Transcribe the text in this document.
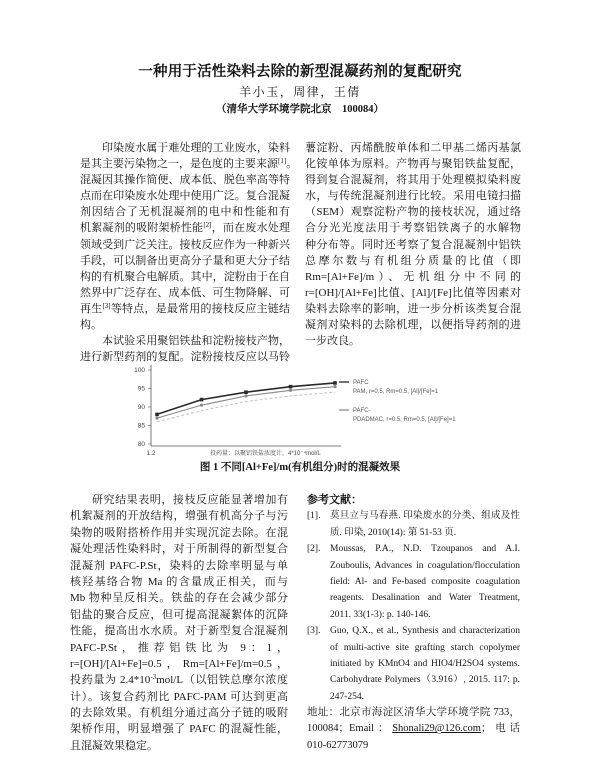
一种用于活性染料去除的新型混凝药剂的复配研究
羊小玉，周律，王倩
（清华大学环境学院北京　100084）
印染废水属于难处理的工业废水，染料
是其主要污染物之一，是色度的主要来源[1]。
混凝因其操作简便、成本低、脱色率高等特
点而在印染废水处理中使用广泛。复合混凝
剂因结合了无机混凝剂的电中和性能和有
机絮凝剂的吸附架桥性能[2]，而在废水处理
领域受到广泛关注。接枝反应作为一种新兴
手段，可以制备出更高分子量和更大分子结
构的有机聚合电解质。其中，淀粉由于在自
然界中广泛存在、成本低、可生物降解、可
再生[3]等特点，是最常用的接枝反应主链结
构。
本试验采用聚铝铁盐和淀粉接枝产物，
进行新型药剂的复配。淀粉接枝反应以马铃
薯淀粉、丙烯酰胺单体和二甲基二烯丙基氯
化铵单体为原料。产物再与聚铝铁盐复配，
得到复合混凝剂，将其用于处理模拟染料废
水，与传统混凝剂进行比较。采用电镜扫描
（SEM）观察淀粉产物的接枝状况，通过络
合分光光度法用于考察铝铁离子的水解物
种分布等。同时还考察了复合混凝剂中铝铁
总摩尔数与有机组分质量的比值（即
Rm=[Al+Fe]/m）、无机组分中不同的
r=[OH]/[Al+Fe]比值、[Al]/[Fe]比值等因素对
染料去除率的影响，进一步分析该类复合混
凝剂对染料的去除机理，以便指导药剂的进
一步改良。
100
95
90
85
80
1.2	投药量：以聚铝铁盐浓度计，4*10⁻⁴mol/L
PAFC
PAM, r=0.5, Rm=0.5, [Al]/[Fe]=1
PAFC-
PDADMAC, r=0.5, Rm=0.5, [Al]/[Fe]=1
图 1 不同[Al+Fe]/m(有机组分)时的混凝效果
研究结果表明，接枝反应能显著增加有
机絮凝剂的开放结构，增强有机高分子与污
染物的吸附搭桥作用并实现沉淀去除。在混
凝处理活性染料时，对于所制得的新型复合
混凝剂 PAFC-P.St，染料的去除率明显与单
核羟基络合物 Ma 的含量成正相关，而与
Mb 物种呈反相关。铁盐的存在会减少部分
铝盐的聚合反应，但可提高混凝絮体的沉降
性能，提高出水水质。对于新型复合混凝剂
PAFC-P.St，推荐铝铁比为 9：1，
r=[OH]/[Al+Fe]=0.5，Rm=[Al+Fe]/m=0.5，
投药量为 $2.4*10^{-3}mol/L$（以铝铁总摩尔浓度
计）。该复合药剂比 PAFC-PAM 可达到更高
的去除效果。有机组分通过高分子链的吸附
架桥作用，明显增强了 PAFC 的混凝性能，
且混凝效果稳定。
参考文献：
[1]. 莫旦立与马春燕. 印染废水的分类、组成及性
质. 印染, 2010(14): 第 51-53 页.
[2]. Moussas, P.A., N.D. Tzoupanos and A.I.
Zouboulis, Advances in coagulation/flocculation
field: Al- and Fe-based composite coagulation
reagents. Desalination and Water Treatment,
2011. 33(1-3): p. 140-146.
[3]. Guo, Q.X., et al., Synthesis and characterization
of multi-active site grafting starch copolymer
initiated by KMnO4 and HIO4/H2SO4 systems.
Carbohydrate Polymers（3.916）, 2015. 117: p.
247-254.
地址：北京市海淀区清华大学环境学院 733，
100084；Email：Shonali29@126.com；电话
010-62773079
